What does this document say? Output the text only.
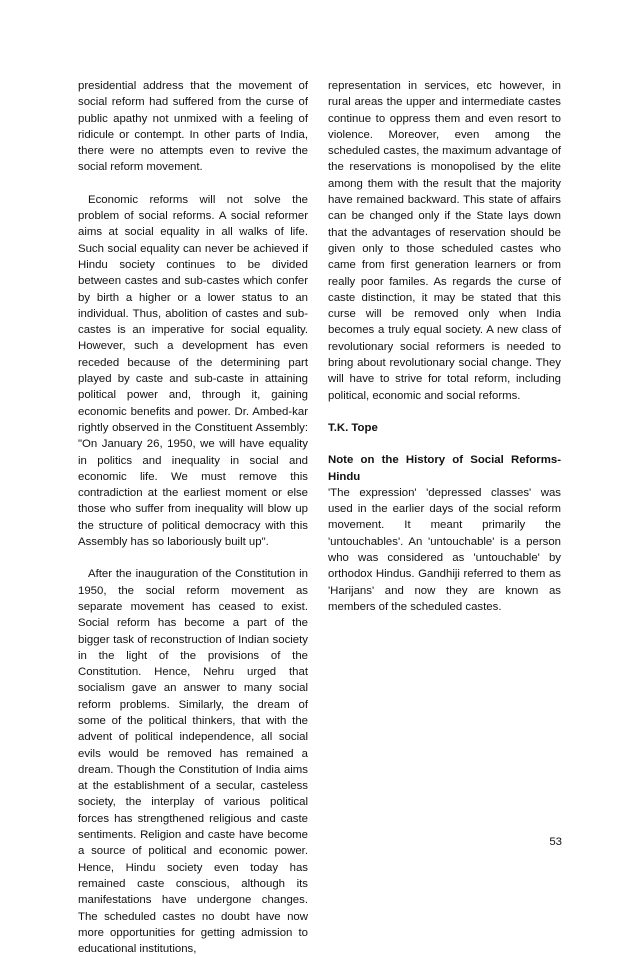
presidential address that the movement of social reform had suffered from the curse of public apathy not unmixed with a feeling of ridicule or contempt. In other parts of India, there were no attempts even to revive the social reform movement.

Economic reforms will not solve the problem of social reforms. A social reformer aims at social equality in all walks of life. Such social equality can never be achieved if Hindu society continues to be divided between castes and sub-castes which confer by birth a higher or a lower status to an individual. Thus, abolition of castes and sub-castes is an imperative for social equality. However, such a development has even receded because of the determining part played by caste and sub-caste in attaining political power and, through it, gaining economic benefits and power. Dr. Ambed-kar rightly observed in the Constituent Assembly: "On January 26, 1950, we will have equality in politics and inequality in social and economic life. We must remove this contradiction at the earliest moment or else those who suffer from inequality will blow up the structure of political democracy with this Assembly has so laboriously built up".

After the inauguration of the Constitution in 1950, the social reform movement as separate movement has ceased to exist. Social reform has become a part of the bigger task of reconstruction of Indian society in the light of the provisions of the Constitution. Hence, Nehru urged that socialism gave an answer to many social reform problems. Similarly, the dream of some of the political thinkers, that with the advent of political independence, all social evils would be removed has remained a dream. Though the Constitution of India aims at the establishment of a secular, casteless society, the interplay of various political forces has strengthened religious and caste sentiments. Religion and caste have become a source of political and economic power. Hence, Hindu society even today has remained caste conscious, although its manifestations have undergone changes. The scheduled castes no doubt have now more opportunities for getting admission to educational institutions,

representation in services, etc however, in rural areas the upper and intermediate castes continue to oppress them and even resort to violence. Moreover, even among the scheduled castes, the maximum advantage of the reservations is monopolised by the elite among them with the result that the majority have remained backward. This state of affairs can be changed only if the State lays down that the advantages of reservation should be given only to those scheduled castes who came from first generation learners or from really poor familes. As regards the curse of caste distinction, it may be stated that this curse will be removed only when India becomes a truly equal society. A new class of revolutionary social reformers is needed to bring about revolutionary social change. They will have to strive for total reform, including political, economic and social reforms.

T.K. Tope

Note on the History of Social Reforms-Hindu
'The expression' 'depressed classes' was used in the earlier days of the social reform movement. It meant primarily the 'untouchables'. An 'untouchable' is a person who was considered as 'untouchable' by orthodox Hindus. Gandhiji referred to them as 'Harijans' and now they are known as members of the scheduled castes.

53
